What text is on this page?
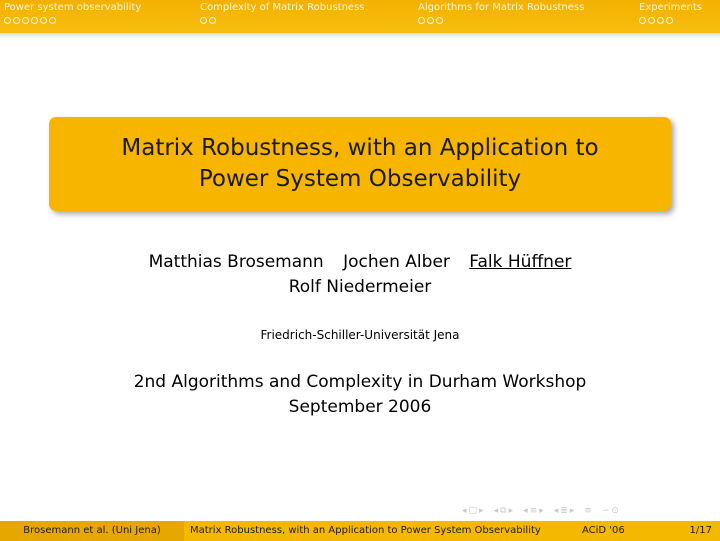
Power system observability	Complexity of Matrix Robustness	Algorithms for Matrix Robustness	Experiments
Matrix Robustness, with an Application to
Power System Observability
Matthias Brosemann Jochen Alber Falk Hüffner
Rolf Niedermeier
Friedrich-Schiller-Universität Jena
2nd Algorithms and Complexity in Durham Workshop
September 2006
◂ □ ▸ ◂ ⧉ ▸ ◂ ≡ ▸ ◂ ≣ ▸ ≡ ∽ ⊙
Brosemann et al. (Uni Jena)	Matrix Robustness, with an Application to Power System Observability	ACiD '06	1/17
